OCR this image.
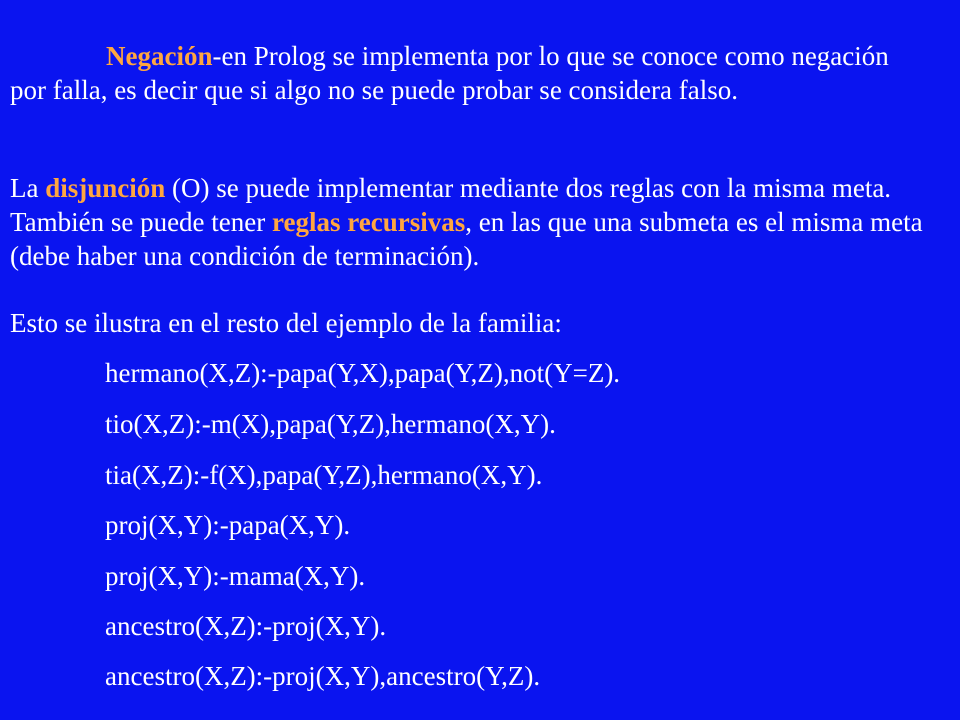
Negación-en Prolog se implementa por lo que se conoce como negación por falla, es decir que si algo no se puede probar se considera falso.

La disjunción (O) se puede implementar mediante dos reglas con la misma meta. También se puede tener reglas recursivas, en las que una submeta es el misma meta (debe haber una condición de terminación).

Esto se ilustra en el resto del ejemplo de la familia:

hermano(X,Z):-papa(Y,X),papa(Y,Z),not(Y=Z).

tio(X,Z):-m(X),papa(Y,Z),hermano(X,Y).

tia(X,Z):-f(X),papa(Y,Z),hermano(X,Y).

proj(X,Y):-papa(X,Y).

proj(X,Y):-mama(X,Y).

ancestro(X,Z):-proj(X,Y).

ancestro(X,Z):-proj(X,Y),ancestro(Y,Z).
